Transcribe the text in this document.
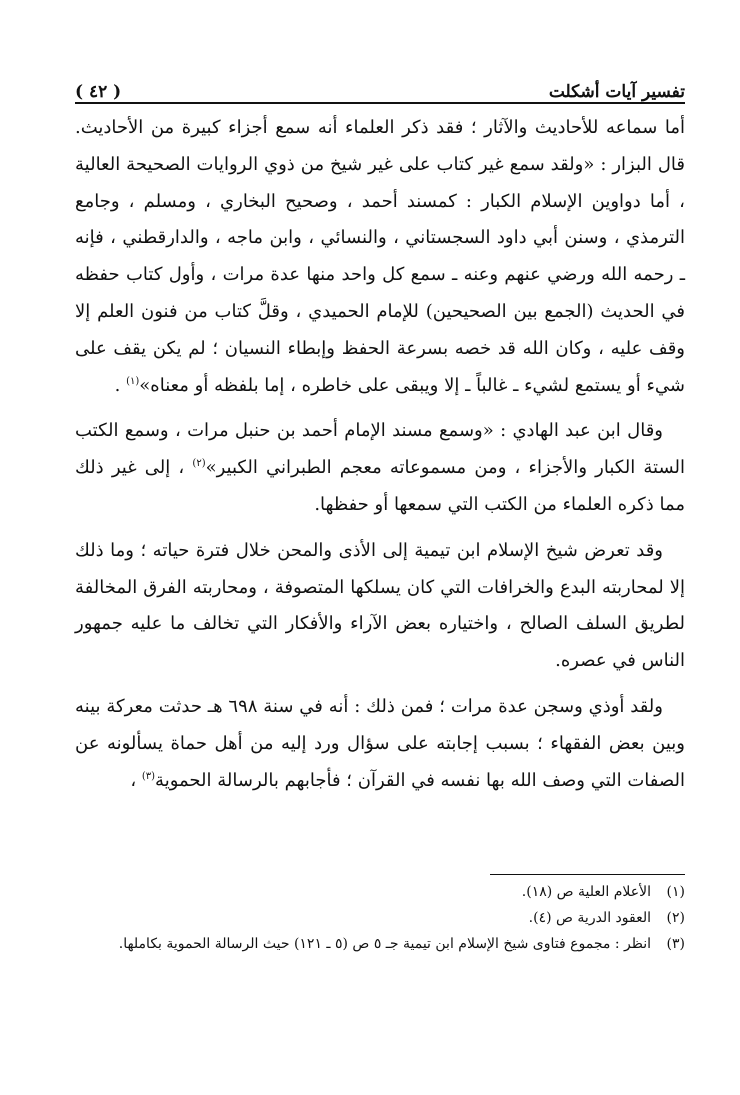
تفسير آيات أشكلت
( ٤٢ )

أما سماعه للأحاديث والآثار ؛ فقد ذكر العلماء أنه سمع أجزاء كبيرة من الأحاديث. قال البزار : «ولقد سمع غير كتاب على غير شيخ من ذوي الروايات الصحيحة العالية ، أما دواوين الإسلام الكبار : كمسند أحمد ، وصحيح البخاري ، ومسلم ، وجامع الترمذي ، وسنن أبي داود السجستاني ، والنسائي ، وابن ماجه ، والدارقطني ، فإنه ـ رحمه الله ورضي عنهم وعنه ـ سمع كل واحد منها عدة مرات ، وأول كتاب حفظه في الحديث (الجمع بين الصحيحين) للإمام الحميدي ، وقلَّ كتاب من فنون العلم إلا وقف عليه ، وكان الله قد خصه بسرعة الحفظ وإبطاء النسيان ؛ لم يكن يقف على شيء أو يستمع لشيء ـ غالباً ـ إلا ويبقى على خاطره ، إما بلفظه أو معناه»$^{(١)}$ .

وقال ابن عبد الهادي : «وسمع مسند الإمام أحمد بن حنبل مرات ، وسمع الكتب الستة الكبار والأجزاء ، ومن مسموعاته معجم الطبراني الكبير»$^{(٢)}$ ، إلى غير ذلك مما ذكره العلماء من الكتب التي سمعها أو حفظها.

وقد تعرض شيخ الإسلام ابن تيمية إلى الأذى والمحن خلال فترة حياته ؛ وما ذلك إلا لمحاربته البدع والخرافات التي كان يسلكها المتصوفة ، ومحاربته الفرق المخالفة لطريق السلف الصالح ، واختياره بعض الآراء والأفكار التي تخالف ما عليه جمهور الناس في عصره.

ولقد أوذي وسجن عدة مرات ؛ فمن ذلك : أنه في سنة ٦٩٨ هـ حدثت معركة بينه وبين بعض الفقهاء ؛ بسبب إجابته على سؤال ورد إليه من أهل حماة يسألونه عن الصفات التي وصف الله بها نفسه في القرآن ؛ فأجابهم بالرسالة الحموية$^{(٣)}$ ،

(١)
الأعلام العلية ص (١٨).
(٢)
العقود الدرية ص (٤).
(٣)
انظر : مجموع فتاوى شيخ الإسلام ابن تيمية جـ ٥ ص (٥ ـ ١٢١) حيث الرسالة الحموية بكاملها.
